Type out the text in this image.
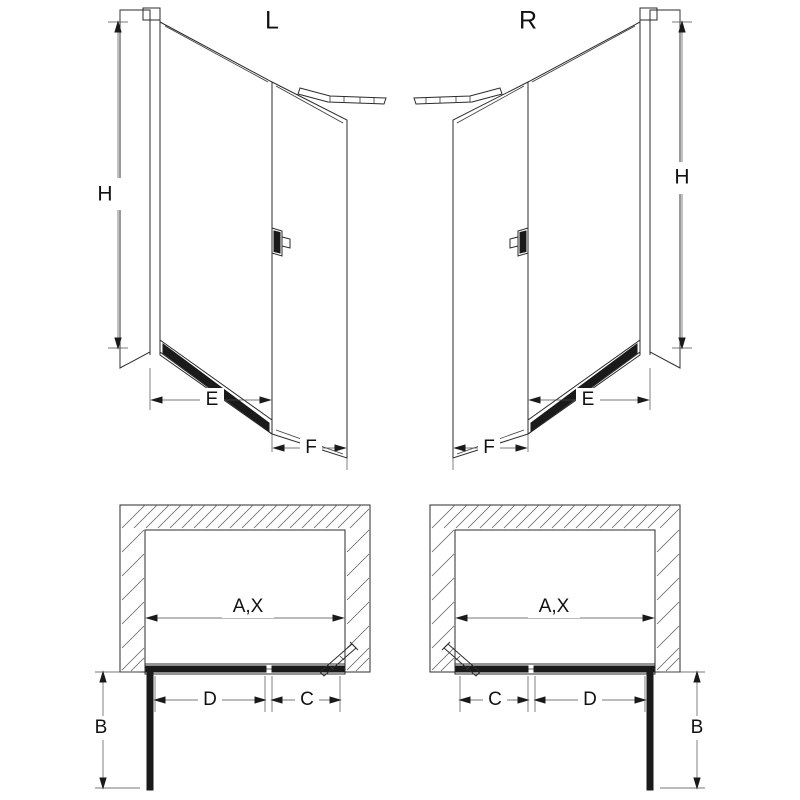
H
E
F
L
H
E
F
R
A,X
D	C
B
A,X
C	D
B
